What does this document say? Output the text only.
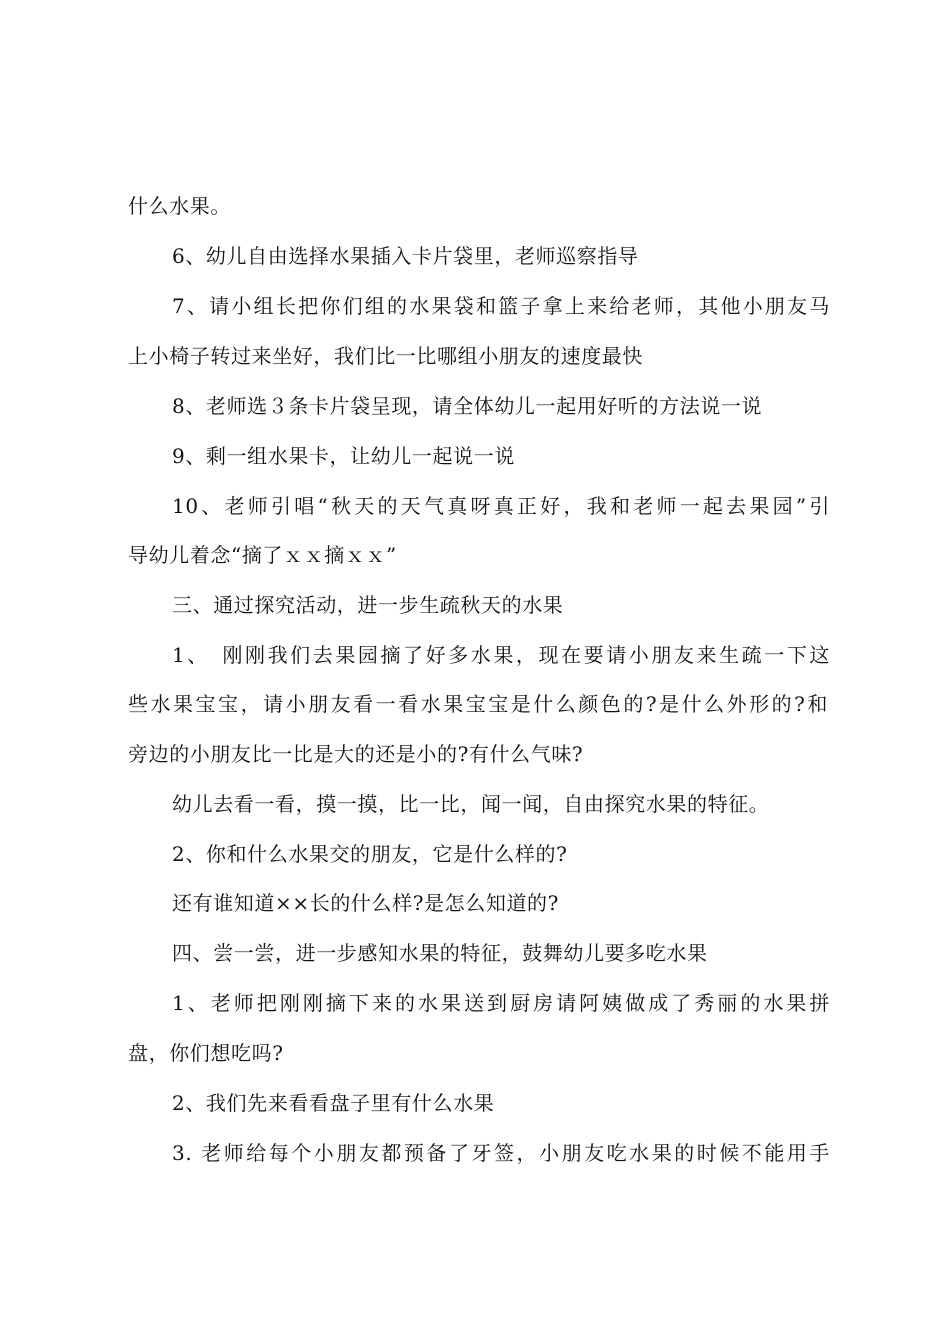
什么水果。
6、幼儿自由选择水果插入卡片袋里，老师巡察指导
7、请小组长把你们组的水果袋和篮子拿上来给老师，其他小朋友马
上小椅子转过来坐好，我们比一比哪组小朋友的速度最快
8、老师选３条卡片袋呈现，请全体幼儿一起用好听的方法说一说
9、剩一组水果卡，让幼儿一起说一说
10、老师引唱“秋天的天气真呀真正好，我和老师一起去果园”引
导幼儿着念“摘了ｘｘ摘ｘｘ”
三、通过探究活动，进一步生疏秋天的水果
1、　刚刚我们去果园摘了好多水果，现在要请小朋友来生疏一下这
些水果宝宝，请小朋友看一看水果宝宝是什么颜色的?是什么外形的?和
旁边的小朋友比一比是大的还是小的?有什么气味?
幼儿去看一看，摸一摸，比一比，闻一闻，自由探究水果的特征。
2、你和什么水果交的朋友，它是什么样的?
还有谁知道××长的什么样?是怎么知道的?
四、尝一尝，进一步感知水果的特征，鼓舞幼儿要多吃水果
1、老师把刚刚摘下来的水果送到厨房请阿姨做成了秀丽的水果拼
盘，你们想吃吗?
2、我们先来看看盘子里有什么水果
3. 老师给每个小朋友都预备了牙签，小朋友吃水果的时候不能用手
